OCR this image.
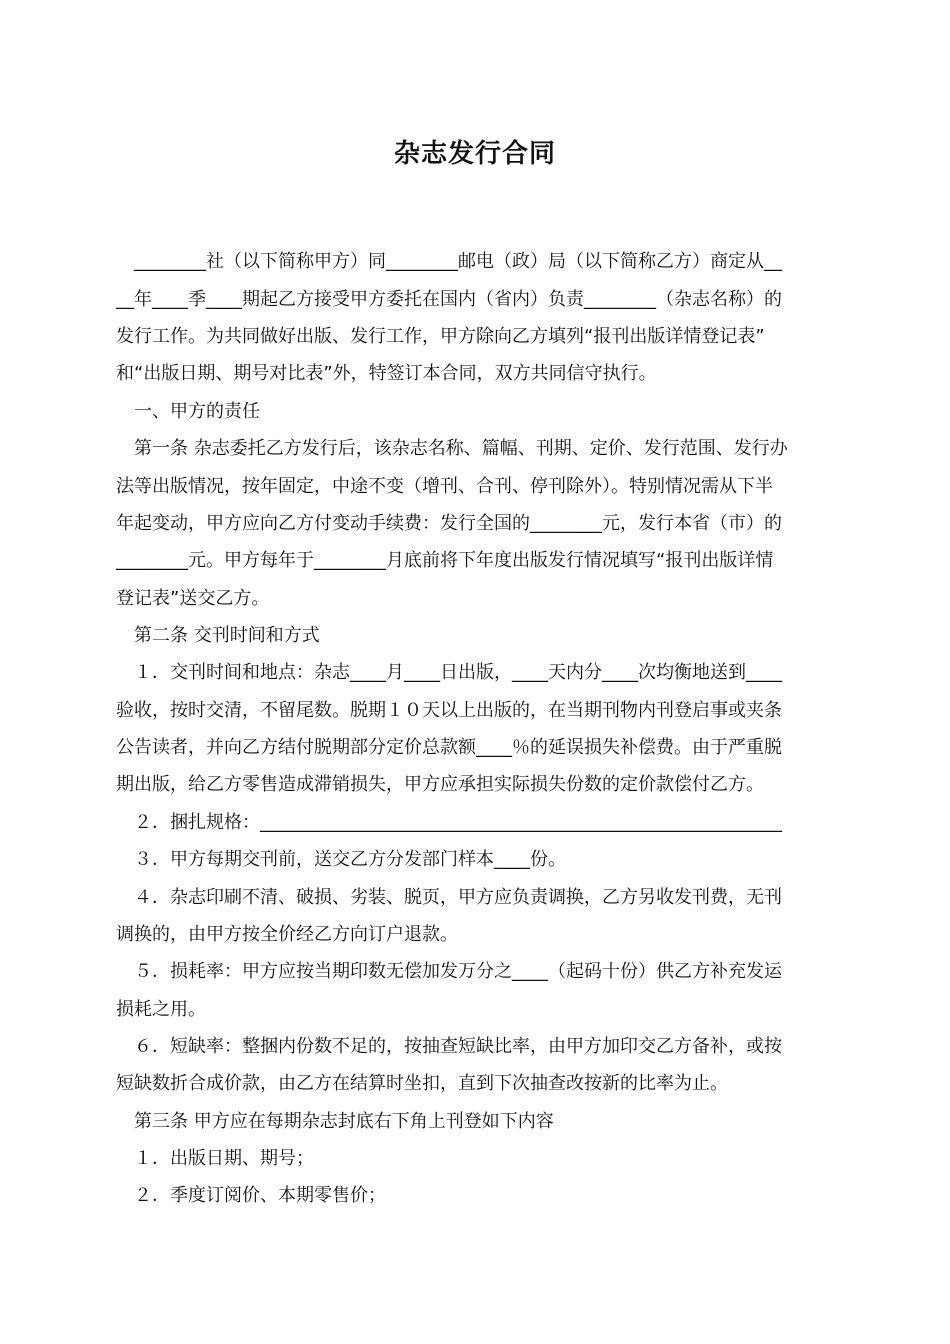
杂志发行合同
　________社（以下简称甲方）同________邮电（政）局（以下简称乙方）商定从__
__年____季____期起乙方接受甲方委托在国内（省内）负责________（杂志名称）的
发行工作。为共同做好出版、发行工作，甲方除向乙方填列“报刊出版详情登记表”
和“出版日期、期号对比表”外，特签订本合同，双方共同信守执行。
　一、甲方的责任
　第一条 杂志委托乙方发行后，该杂志名称、篇幅、刊期、定价、发行范围、发行办
法等出版情况，按年固定，中途不变（增刊、合刊、停刊除外）。特别情况需从下半
年起变动，甲方应向乙方付变动手续费：发行全国的________元，发行本省（市）的
________元。甲方每年于________月底前将下年度出版发行情况填写“报刊出版详情
登记表”送交乙方。
　第二条 交刊时间和方式
　１．交刊时间和地点：杂志____月____日出版，____天内分____次均衡地送到____
验收，按时交清，不留尾数。脱期１０天以上出版的，在当期刊物内刊登启事或夹条
公告读者，并向乙方结付脱期部分定价总款额____％的延误损失补偿费。由于严重脱
期出版，给乙方零售造成滞销损失，甲方应承担实际损失份数的定价款偿付乙方。
　２．捆扎规格：__________________________________________________________
　３．甲方每期交刊前，送交乙方分发部门样本____份。
　４．杂志印刷不清、破损、劣装、脱页，甲方应负责调换，乙方另收发刊费，无刊
调换的，由甲方按全价经乙方向订户退款。
　５．损耗率：甲方应按当期印数无偿加发万分之____（起码十份）供乙方补充发运
损耗之用。
　６．短缺率：整捆内份数不足的，按抽查短缺比率，由甲方加印交乙方备补，或按
短缺数折合成价款，由乙方在结算时坐扣，直到下次抽查改按新的比率为止。
　第三条 甲方应在每期杂志封底右下角上刊登如下内容
　１．出版日期、期号；
　２．季度订阅价、本期零售价；
